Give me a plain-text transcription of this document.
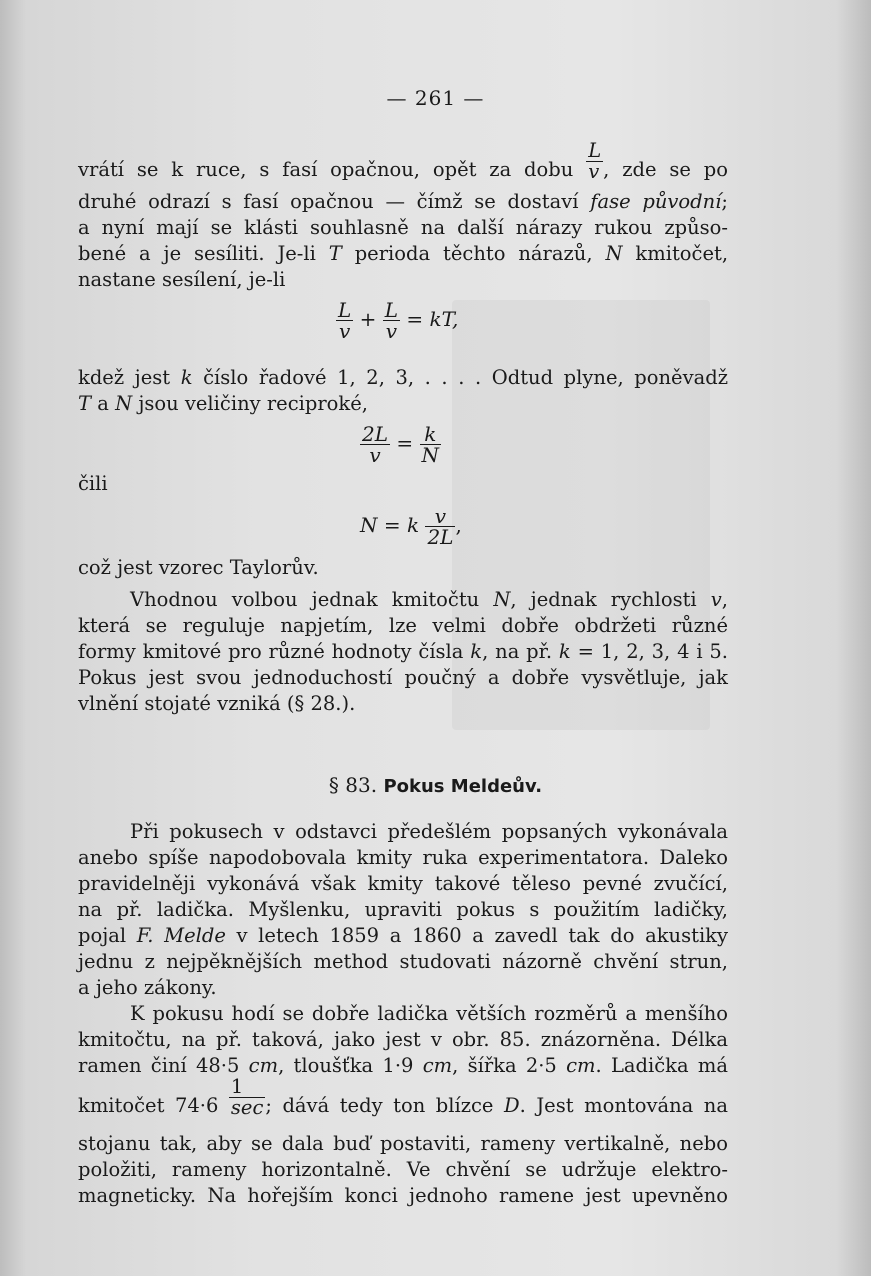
— 261 —
vrátí se k ruce, s fasí opačnou, opět za dobu $\frac{L}{v}$ , zde se po
druhé odrazí s fasí opačnou — čímž se dostaví fase původní;
a nyní mají se klásti souhlasně na další nárazy rukou způso-
bené a je sesíliti. Je-li T perioda těchto nárazů, N kmitočet,
nastane sesílení, je-li
$\frac{L}{v} + \frac{L}{v}$ = kT,
kdež jest k číslo řadové 1, 2, 3, . . . . Odtud plyne, poněvadž
T a N jsou veličiny reciproké,
$\frac{2L}{v} = \frac{k}{N}$
čili
N = k $\frac{v}{2L}$ ,
což jest vzorec Taylorův.
Vhodnou volbou jednak kmitočtu N, jednak rychlosti v,
která se reguluje napjetím, lze velmi dobře obdržeti různé
formy kmitové pro různé hodnoty čísla k, na př. k = 1, 2, 3, 4 i 5.
Pokus jest svou jednoduchostí poučný a dobře vysvětluje, jak
vlnění stojaté vzniká (§ 28.).
§ 83. Pokus Meldeův.
Při pokusech v odstavci předešlém popsaných vykonávala
anebo spíše napodobovala kmity ruka experimentatora. Daleko
pravidelněji vykonává však kmity takové těleso pevné zvučící,
na př. ladička. Myšlenku, upraviti pokus s použitím ladičky,
pojal F. Melde v letech 1859 a 1860 a zavedl tak do akustiky
jednu z nejpěknějších method studovati názorně chvění strun,
a jeho zákony.
K pokusu hodí se dobře ladička větších rozměrů a menšího
kmitočtu, na př. taková, jako jest v obr. 85. znázorněna. Délka
ramen činí 48·5 cm, tloušťka 1·9 cm, šířka 2·5 cm. Ladička má
kmitočet $74\cdot 6 \frac{1}{\sec}$ ; dává tedy ton blízce D. Jest montována na
stojanu tak, aby se dala buď postaviti, rameny vertikalně, nebo
položiti, rameny horizontalně. Ve chvění se udržuje elektro-
magneticky. Na hořejším konci jednoho ramene jest upevněno
